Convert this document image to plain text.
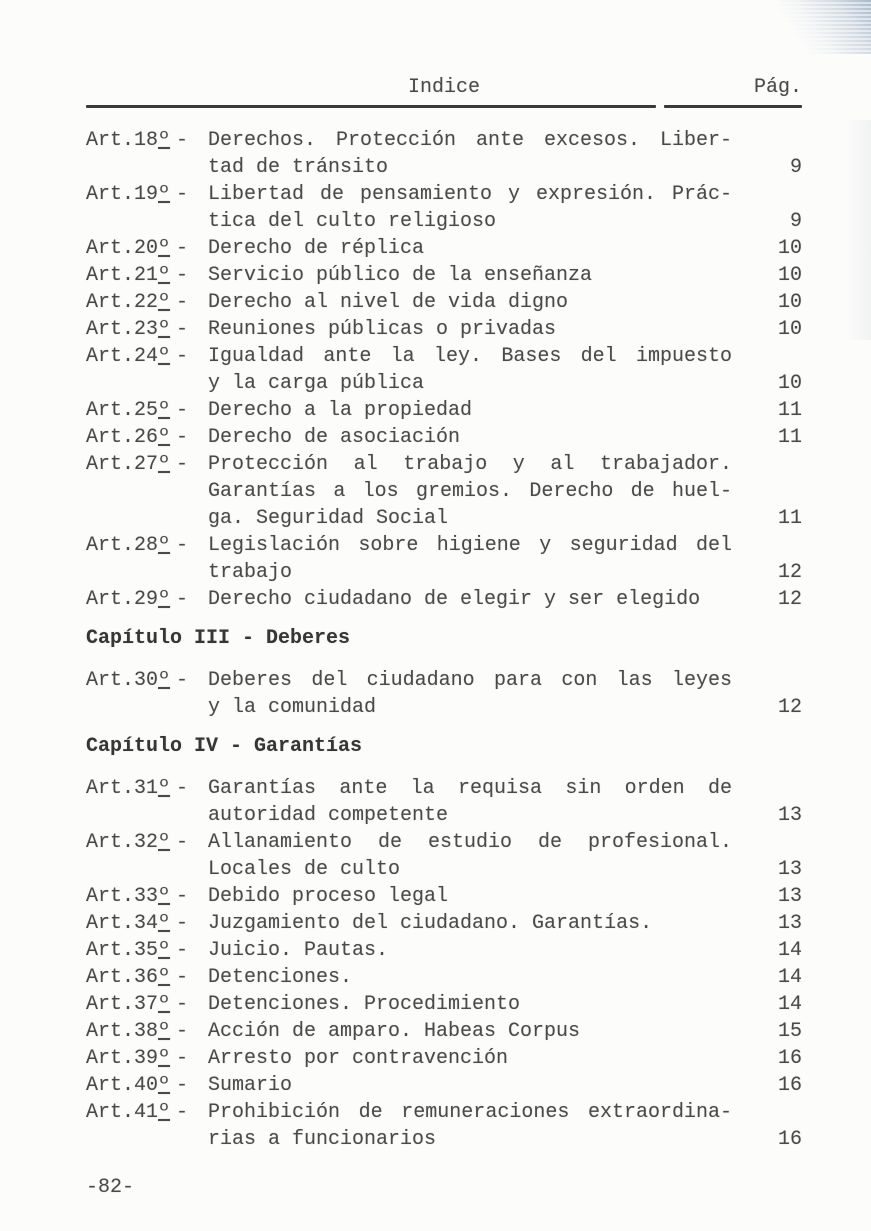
Indice	Pág.
Art.18º - Derechos. Protección ante excesos. Liber-
tad de tránsito	9
Art.19º - Libertad de pensamiento y expresión. Prác-
tica del culto religioso	9
Art.20º - Derecho de réplica	10
Art.21º - Servicio público de la enseñanza	10
Art.22º - Derecho al nivel de vida digno	10
Art.23º - Reuniones públicas o privadas	10
Art.24º - Igualdad ante la ley. Bases del impuesto
y la carga pública	10
Art.25º - Derecho a la propiedad	11
Art.26º - Derecho de asociación	11
Art.27º - Protección al trabajo y al trabajador.
Garantías a los gremios. Derecho de huel-
ga. Seguridad Social	11
Art.28º - Legislación sobre higiene y seguridad del
trabajo	12
Art.29º - Derecho ciudadano de elegir y ser elegido	12
Capítulo III - Deberes
Art.30º - Deberes del ciudadano para con las leyes
y la comunidad	12
Capítulo IV - Garantías
Art.31º - Garantías ante la requisa sin orden de
autoridad competente	13
Art.32º - Allanamiento de estudio de profesional.
Locales de culto	13
Art.33º - Debido proceso legal	13
Art.34º - Juzgamiento del ciudadano. Garantías.	13
Art.35º - Juicio. Pautas.	14
Art.36º - Detenciones.	14
Art.37º - Detenciones. Procedimiento	14
Art.38º - Acción de amparo. Habeas Corpus	15
Art.39º - Arresto por contravención	16
Art.40º - Sumario	16
Art.41º - Prohibición de remuneraciones extraordina-
rias a funcionarios	16
-82-
